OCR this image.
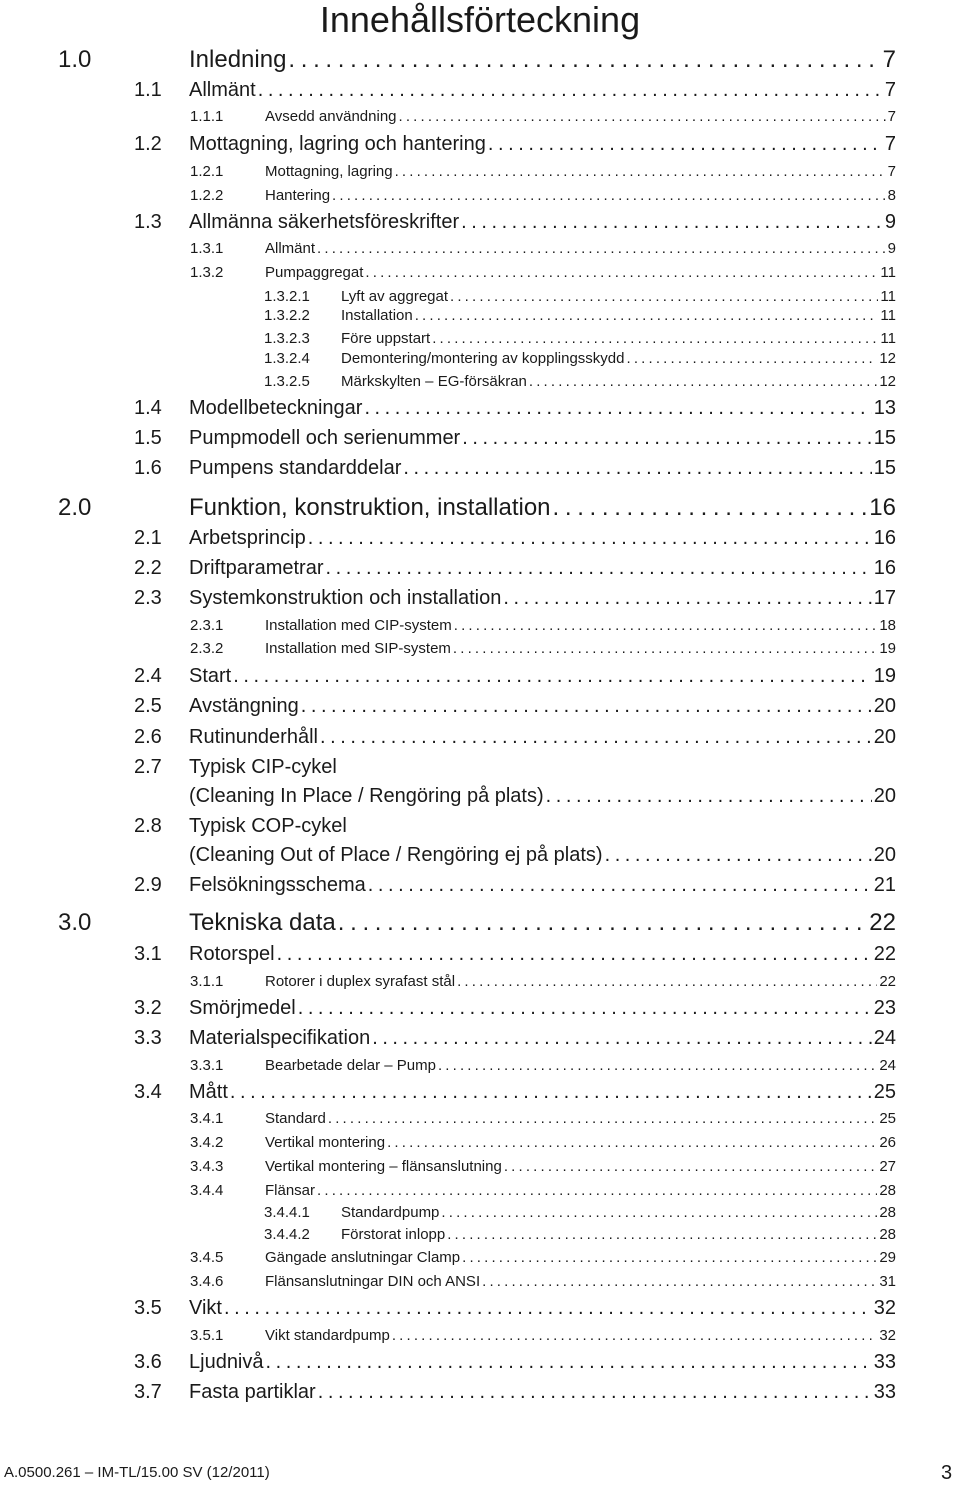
Innehållsförteckning
1.0	Inledning . . .	7
1.1	Allmänt . . .	7
1.1.1	Avsedd användning . . .	7
1.2	Mottagning, lagring och hantering . . .	7
1.2.1	Mottagning, lagring . . .	7
1.2.2	Hantering . . .	8
1.3	Allmänna säkerhetsföreskrifter . . .	9
1.3.1	Allmänt . . .	9
1.3.2	Pumpaggregat . . .	11
1.3.2.1	Lyft av aggregat . . .	11
1.3.2.2	Installation . . .	11
1.3.2.3	Före uppstart . . .	11
1.3.2.4	Demontering/montering av kopplingsskydd . . .	12
1.3.2.5	Märkskylten – EG-försäkran . . .	12
1.4	Modellbeteckningar . . .	13
1.5	Pumpmodell och serienummer . . .	15
1.6	Pumpens standarddelar . . .	15
2.0	Funktion, konstruktion, installation . . .	16
2.1	Arbetsprincip . . .	16
2.2	Driftparametrar . . .	16
2.3	Systemkonstruktion och installation . . .	17
2.3.1	Installation med CIP-system . . .	18
2.3.2	Installation med SIP-system . . .	19
2.4	Start . . .	19
2.5	Avstängning . . .	20
2.6	Rutinunderhåll . . .	20
2.7	Typisk CIP-cykel
(Cleaning In Place / Rengöring på plats) . . .	20
2.8	Typisk COP-cykel
(Cleaning Out of Place / Rengöring ej på plats) . . .	20
2.9	Felsökningsschema . . .	21
3.0	Tekniska data . . .	22
3.1	Rotorspel . . .	22
3.1.1	Rotorer i duplex syrafast stål . . .	22
3.2	Smörjmedel . . .	23
3.3	Materialspecifikation . . .	24
3.3.1	Bearbetade delar – Pump . . .	24
3.4	Mått . . .	25
3.4.1	Standard . . .	25
3.4.2	Vertikal montering . . .	26
3.4.3	Vertikal montering – flänsanslutning . . .	27
3.4.4	Flänsar . . .	28
3.4.4.1	Standardpump . . .	28
3.4.4.2	Förstorat inlopp . . .	28
3.4.5	Gängade anslutningar Clamp . . .	29
3.4.6	Flänsanslutningar DIN och ANSI . . .	31
3.5	Vikt . . .	32
3.5.1	Vikt standardpump . . .	32
3.6	Ljudnivå . . .	33
3.7	Fasta partiklar . . .	33
A.0500.261 – IM-TL/15.00 SV (12/2011)	3
